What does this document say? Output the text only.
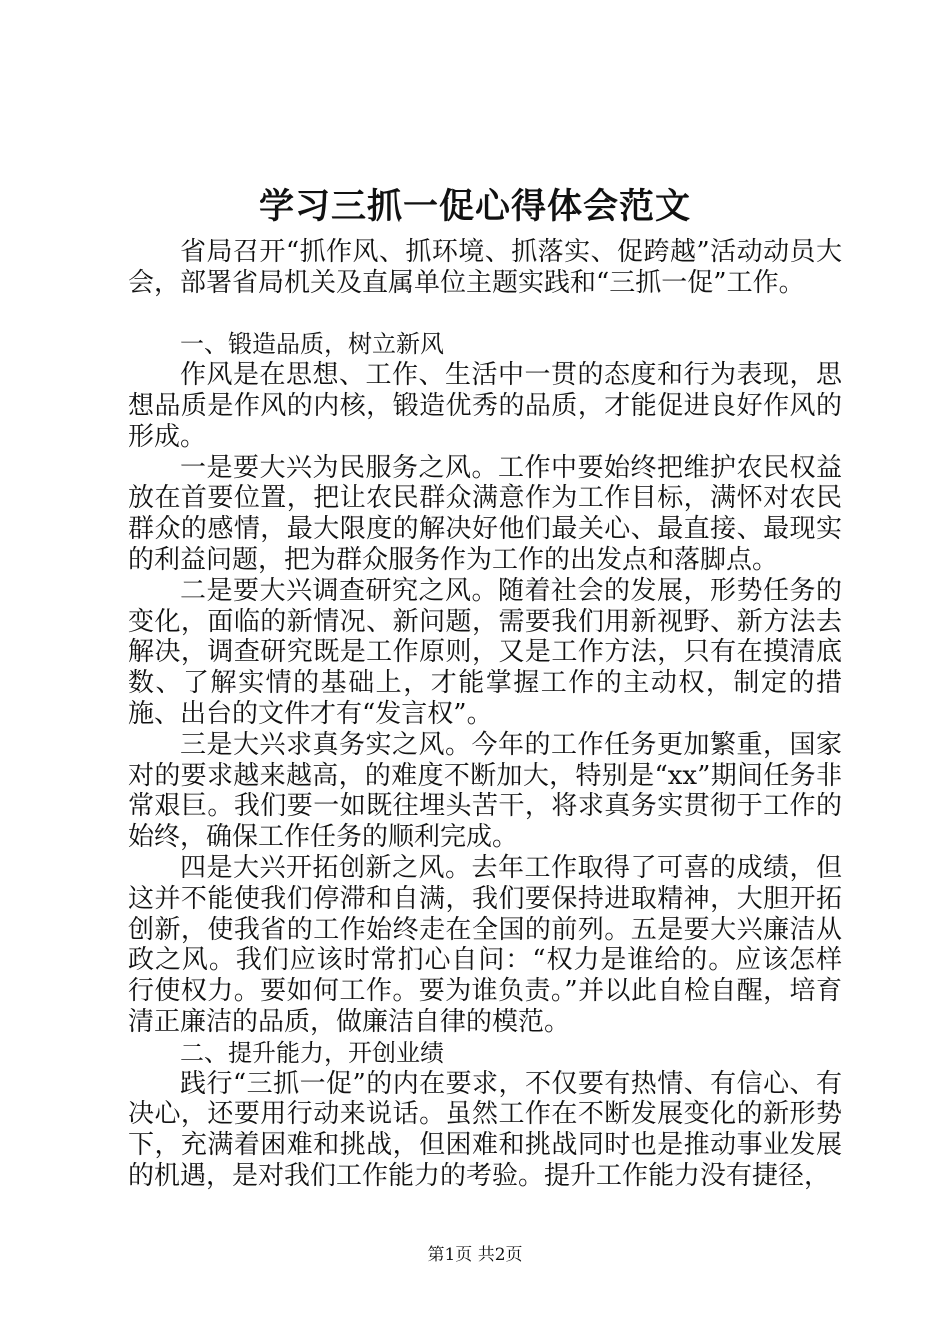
学习三抓一促心得体会范文

省局召开“抓作风、抓环境、抓落实、促跨越”活动动员大会，部署省局机关及直属单位主题实践和“三抓一促”工作。

一、锻造品质，树立新风

作风是在思想、工作、生活中一贯的态度和行为表现，思想品质是作风的内核，锻造优秀的品质，才能促进良好作风的形成。

一是要大兴为民服务之风。工作中要始终把维护农民权益放在首要位置，把让农民群众满意作为工作目标，满怀对农民群众的感情，最大限度的解决好他们最关心、最直接、最现实的利益问题，把为群众服务作为工作的出发点和落脚点。

二是要大兴调查研究之风。随着社会的发展，形势任务的变化，面临的新情况、新问题，需要我们用新视野、新方法去解决，调查研究既是工作原则，又是工作方法，只有在摸清底数、了解实情的基础上，才能掌握工作的主动权，制定的措施、出台的文件才有“发言权”。

三是大兴求真务实之风。今年的工作任务更加繁重，国家对的要求越来越高，的难度不断加大，特别是“xx”期间任务非常艰巨。我们要一如既往埋头苦干，将求真务实贯彻于工作的始终，确保工作任务的顺利完成。

四是大兴开拓创新之风。去年工作取得了可喜的成绩，但这并不能使我们停滞和自满，我们要保持进取精神，大胆开拓创新，使我省的工作始终走在全国的前列。五是要大兴廉洁从政之风。我们应该时常扪心自问：“权力是谁给的。应该怎样行使权力。要如何工作。要为谁负责。”并以此自检自醒，培育清正廉洁的品质，做廉洁自律的模范。

二、提升能力，开创业绩

践行“三抓一促”的内在要求，不仅要有热情、有信心、有决心，还要用行动来说话。虽然工作在不断发展变化的新形势下，充满着困难和挑战，但困难和挑战同时也是推动事业发展的机遇，是对我们工作能力的考验。提升工作能力没有捷径，

第1页 共2页
